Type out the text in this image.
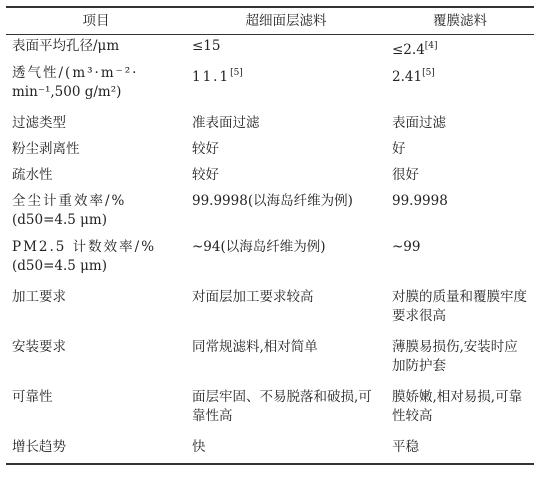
项目	超细面层滤料	覆膜滤料
表面平均孔径/μm	≤15	≤2.4[4]
透气性/(m³·m⁻²·
min⁻¹,500 g/m²)	11.1[5]	2.41[5]
过滤类型	准表面过滤	表面过滤
粉尘剥离性	较好	好
疏水性	较好	很好
全尘计重效率/%
(d50=4.5 μm)	99.9998(以海岛纤维为例)	99.9998
PM2.5 计数效率/%
(d50=4.5 μm)	~94(以海岛纤维为例)	~99
加工要求	对面层加工要求较高	对膜的质量和覆膜牢度要求很高
安装要求	同常规滤料,相对简单	薄膜易损伤,安装时应加防护套
可靠性	面层牢固、不易脱落和破损,可靠性高	膜娇嫩,相对易损,可靠性较高
增长趋势	快	平稳
